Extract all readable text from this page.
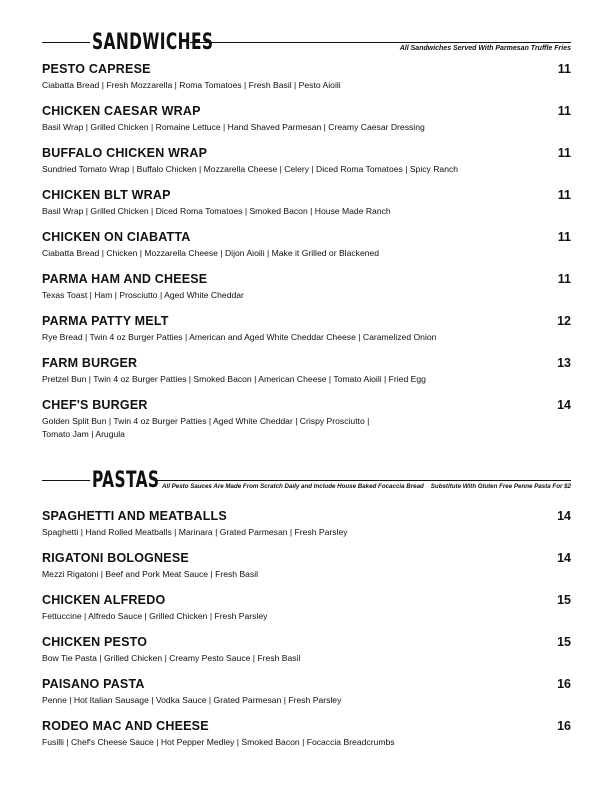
SANDWICHES	All Sandwiches Served With Parmesan Truffle Fries
PESTO CAPRESE	11
Ciabatta Bread | Fresh Mozzarella | Roma Tomatoes | Fresh Basil | Pesto Aioili
CHICKEN CAESAR WRAP	11
Basil Wrap | Grilled Chicken | Romaine Lettuce | Hand Shaved Parmesan | Creamy Caesar Dressing
BUFFALO CHICKEN WRAP	11
Sundried Tomato Wrap | Buffalo Chicken | Mozzarella Cheese | Celery | Diced Roma Tomatoes | Spicy Ranch
CHICKEN BLT WRAP	11
Basil Wrap | Grilled Chicken | Diced Roma Tomatoes | Smoked Bacon | House Made Ranch
CHICKEN ON CIABATTA	11
Ciabatta Bread | Chicken | Mozzarella Cheese | Dijon Aioili | Make it Grilled or Blackened
PARMA HAM AND CHEESE	11
Texas Toast | Ham | Prosciutto | Aged White Cheddar
PARMA PATTY MELT	12
Rye Bread | Twin 4 oz Burger Patties | American and Aged White Cheddar Cheese | Caramelized Onion
FARM BURGER	13
Pretzel Bun | Twin 4 oz Burger Patties | Smoked Bacon | American Cheese | Tomato Aioili | Fried Egg
CHEF'S BURGER	14
Golden Split Bun | Twin 4 oz Burger Patties | Aged White Cheddar | Crispy Prosciutto |
Tomato Jam | Arugula
PASTAS All Pesto Sauces Are Made From Scratch Daily and Include House Baked Focaccia Bread Substitute With Gluten Free Penne Pasta For $2
SPAGHETTI AND MEATBALLS	14
Spaghetti | Hand Rolled Meatballs | Marinara | Grated Parmesan | Fresh Parsley
RIGATONI BOLOGNESE	14
Mezzi Rigatoni | Beef and Pork Meat Sauce | Fresh Basil
CHICKEN ALFREDO	15
Fettuccine | Alfredo Sauce | Grilled Chicken | Fresh Parsley
CHICKEN PESTO	15
Bow Tie Pasta | Grilled Chicken | Creamy Pesto Sauce | Fresh Basil
PAISANO PASTA	16
Penne | Hot Italian Sausage | Vodka Sauce | Grated Parmesan | Fresh Parsley
RODEO MAC AND CHEESE	16
Fusilli | Chef's Cheese Sauce | Hot Pepper Medley | Smoked Bacon | Focaccia Breadcrumbs
